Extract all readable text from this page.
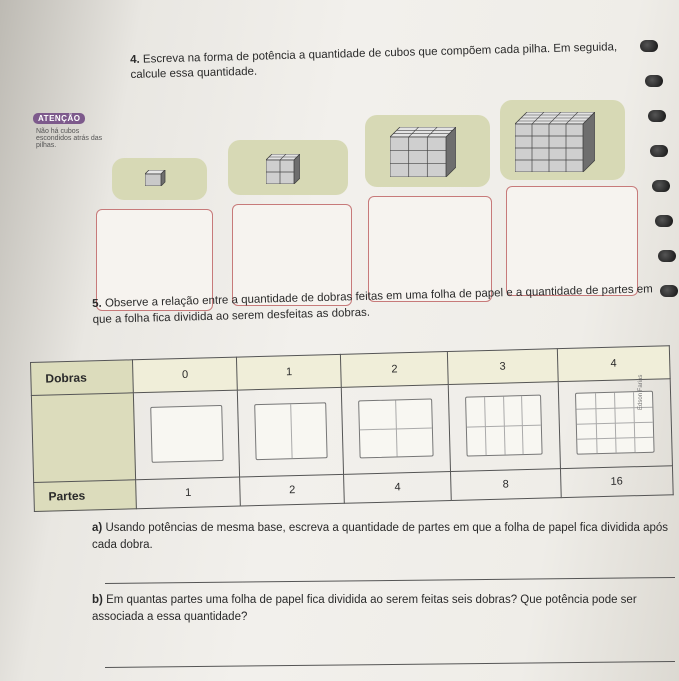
4. Escreva na forma de potência a quantidade de cubos que compõem cada pilha. Em seguida, calcule essa quantidade.
ATENÇÃO
Não há cubos escondidos atrás das pilhas.
5. Observe a relação entre a quantidade de dobras feitas em uma folha de papel e a quantidade de partes em que a folha fica dividida ao serem desfeitas as dobras.
Dobras	0	1	2	3	4

Partes	1	2	4	8	16
Edson Farias
a) Usando potências de mesma base, escreva a quantidade de partes em que a folha de papel fica dividida após cada dobra.
b) Em quantas partes uma folha de papel fica dividida ao serem feitas seis dobras? Que potência pode ser associada a essa quantidade?
